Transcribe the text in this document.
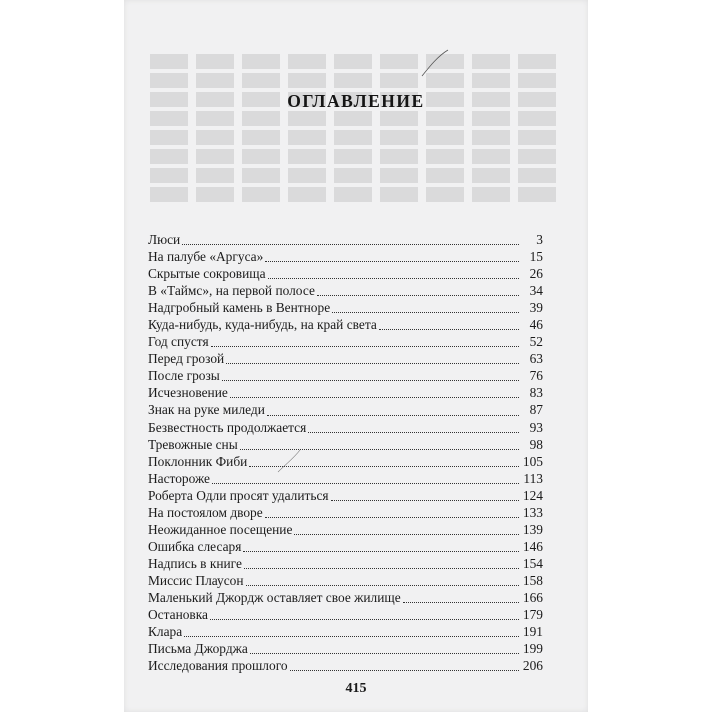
ОГЛАВЛЕНИЕ
Люси	3
На палубе «Аргуса»	15
Скрытые сокровища	26
В «Таймс», на первой полосе	34
Надгробный камень в Вентноре	39
Куда-нибудь, куда-нибудь, на край света	46
Год спустя	52
Перед грозой	63
После грозы	76
Исчезновение	83
Знак на руке миледи	87
Безвестность продолжается	93
Тревожные сны	98
Поклонник Фиби	105
Настороже	113
Роберта Одли просят удалиться	124
На постоялом дворе	133
Неожиданное посещение	139
Ошибка слесаря	146
Надпись в книге	154
Миссис Плаусон	158
Маленький Джордж оставляет свое жилище	166
Остановка	179
Клара	191
Письма Джорджа	199
Исследования прошлого	206
415
